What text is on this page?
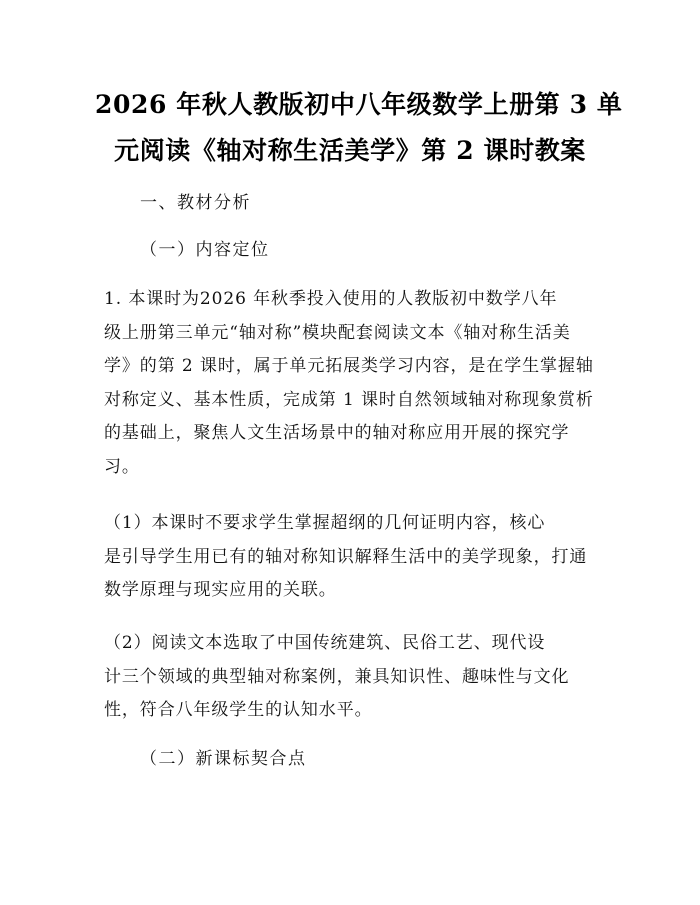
2026 年秋人教版初中八年级数学上册第 3 单
元阅读《轴对称生活美学》第 2 课时教案
一、教材分析
（一）内容定位

1. 本课时为2026 年秋季投入使用的人教版初中数学八年
级上册第三单元“轴对称”模块配套阅读文本《轴对称生活美
学》的第 2 课时，属于单元拓展类学习内容，是在学生掌握轴
对称定义、基本性质，完成第 1 课时自然领域轴对称现象赏析
的基础上，聚焦人文生活场景中的轴对称应用开展的探究学
习。

（1）本课时不要求学生掌握超纲的几何证明内容，核心
是引导学生用已有的轴对称知识解释生活中的美学现象，打通
数学原理与现实应用的关联。

（2）阅读文本选取了中国传统建筑、民俗工艺、现代设
计三个领域的典型轴对称案例，兼具知识性、趣味性与文化
性，符合八年级学生的认知水平。

（二）新课标契合点
